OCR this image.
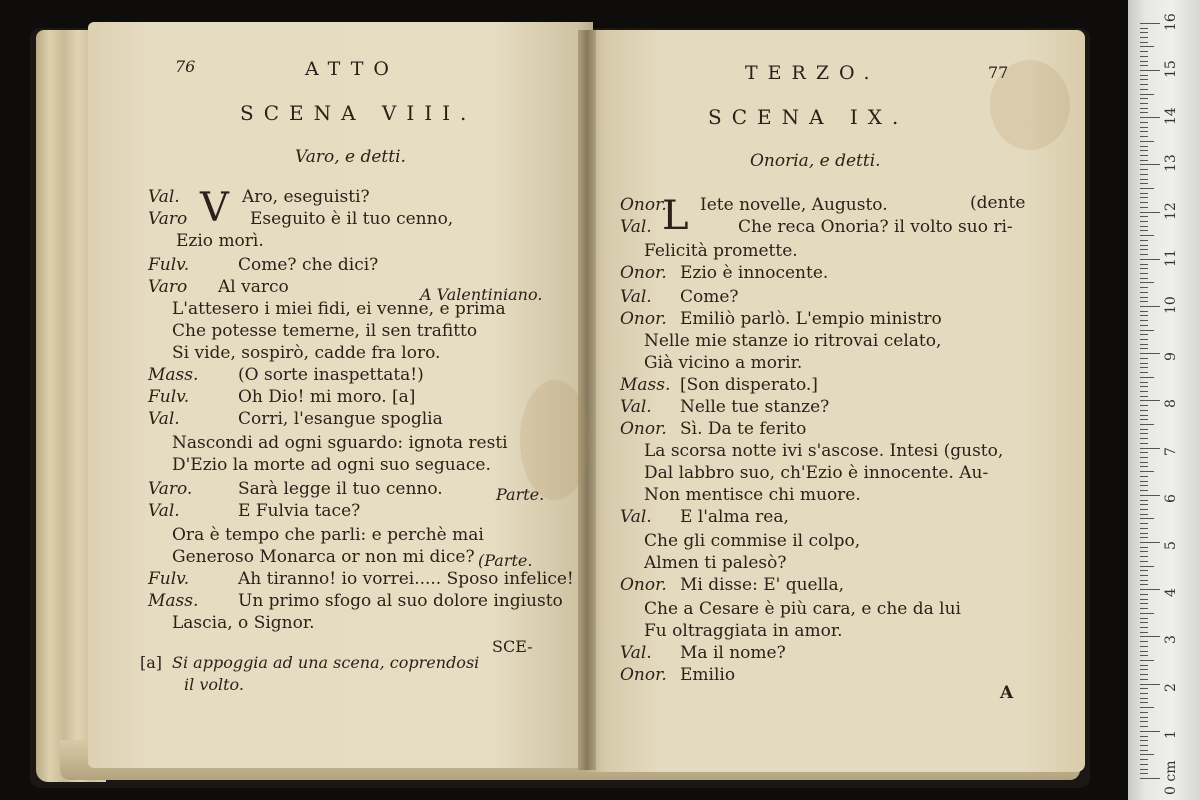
0 cm
1
2
3
4
5
6
7
8
9
10
11
12
13
14
15
16
76	ATTO
SCENA VIII.
Varo, e detti.
V
Val.	Aro, eseguisti?
Varo	Eseguito è il tuo cenno,
Ezio morì.
Fulv.	Come? che dici?
Varo Al varco
L'attesero i miei fidi, ei venne, e prima
Che potesse temerne, il sen trafitto
Si vide, sospirò, cadde fra loro.
Mass. (O sorte inaspettata!)
Fulv.	Oh Dio! mi moro. [a]
Val.	Corri, l'esangue spoglia
Nascondi ad ogni sguardo: ignota resti
D'Ezio la morte ad ogni suo seguace.
Varo.	Sarà legge il tuo cenno.
Val.	E Fulvia tace?
Ora è tempo che parli: e perchè mai
Generoso Monarca or non mi dice?
Fulv.	Ah tiranno! io vorrei..... Sposo infelice!
Mass. Un primo sfogo al suo dolore ingiusto
Lascia, o Signor.
A Valentiniano.
Parte.
(Parte.
SCE-
[a] Si appoggia ad una scena, coprendosi
il volto.
TERZO.	77
SCENA IX.
Onoria, e detti.
L
Onor. Iete novelle, Augusto.
Val.	Che reca Onoria? il volto suo ri-
Felicità promette.
Onor. Ezio è innocente.
Val. Come?
Onor. Emiliò parlò. L'empio ministro
Nelle mie stanze io ritrovai celato,
Già vicino a morir.
Mass. [Son disperato.]
Val. Nelle tue stanze?
Onor. Sì. Da te ferito
La scorsa notte ivi s'ascose. Intesi (gusto,
Dal labbro suo, ch'Ezio è innocente. Au-
Non mentisce chi muore.
Val. E l'alma rea,
Che gli commise il colpo,
Almen ti palesò?
Onor. Mi disse: E' quella,
Che a Cesare è più cara, e che da lui
Fu oltraggiata in amor.
Val. Ma il nome?
Onor. Emilio
(dente
A
